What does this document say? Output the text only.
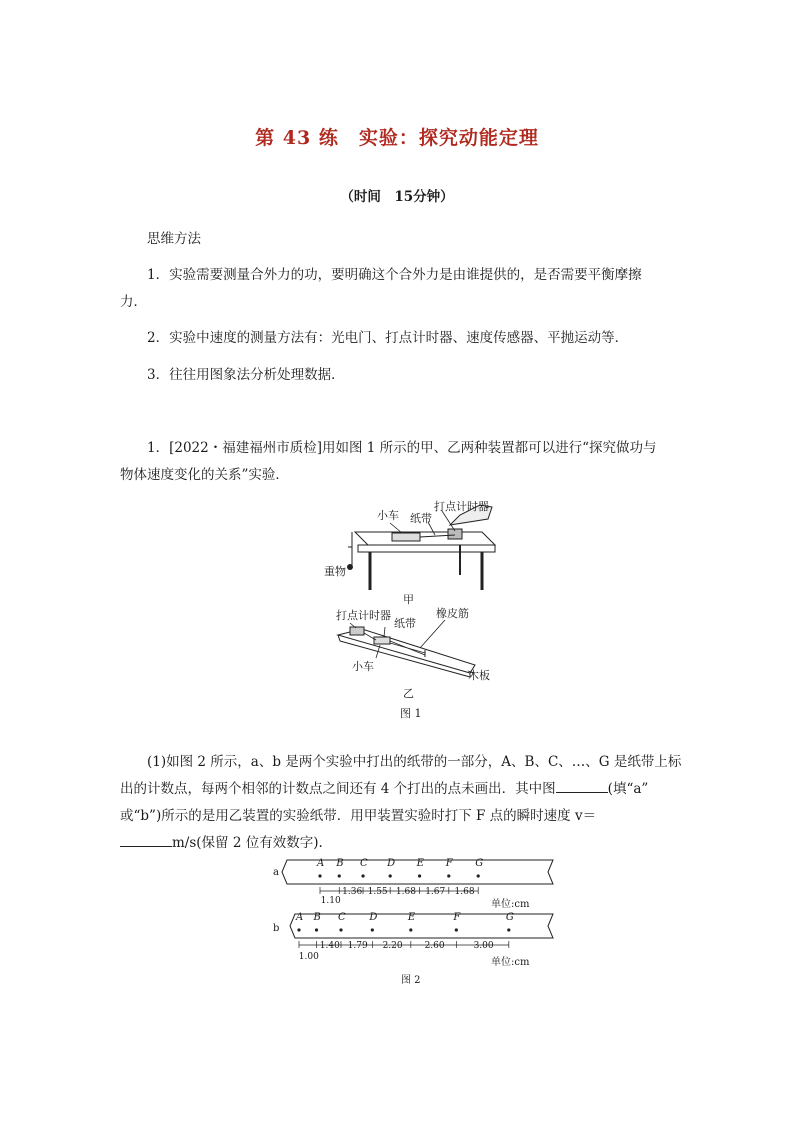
第 43 练　实验：探究动能定理
（时间　15分钟）
思维方法
1．实验需要测量合外力的功，要明确这个合外力是由谁提供的，是否需要平衡摩擦
力．
2．实验中速度的测量方法有：光电门、打点计时器、速度传感器、平抛运动等．
3．往往用图象法分析处理数据．
1．[2022・福建福州市质检]用如图 1 所示的甲、乙两种装置都可以进行“探究做功与
物体速度变化的关系”实验．
小车 纸带
打点计时器
重物
甲
打点计时器
纸带
橡皮筋
小车
木板
乙
图 1
(1)如图 2 所示，a、b 是两个实验中打出的纸带的一部分，A、B、C、…、G 是纸带上标
出的计数点，每两个相邻的计数点之间还有 4 个打出的点未画出．其中图	(填“a”
或“b”)所示的是用乙装置的实验纸带．用甲装置实验时打下 F 点的瞬时速度 v＝
m/s(保留 2 位有效数字).
a
A B C D E F G
1.10
1.36 1.55 1.68 1.67 1.68
单位:cm
b
A B C D	E	F	G
1.00
1.40 1.79 2.20 2.60	3.00
单位:cm
图 2
